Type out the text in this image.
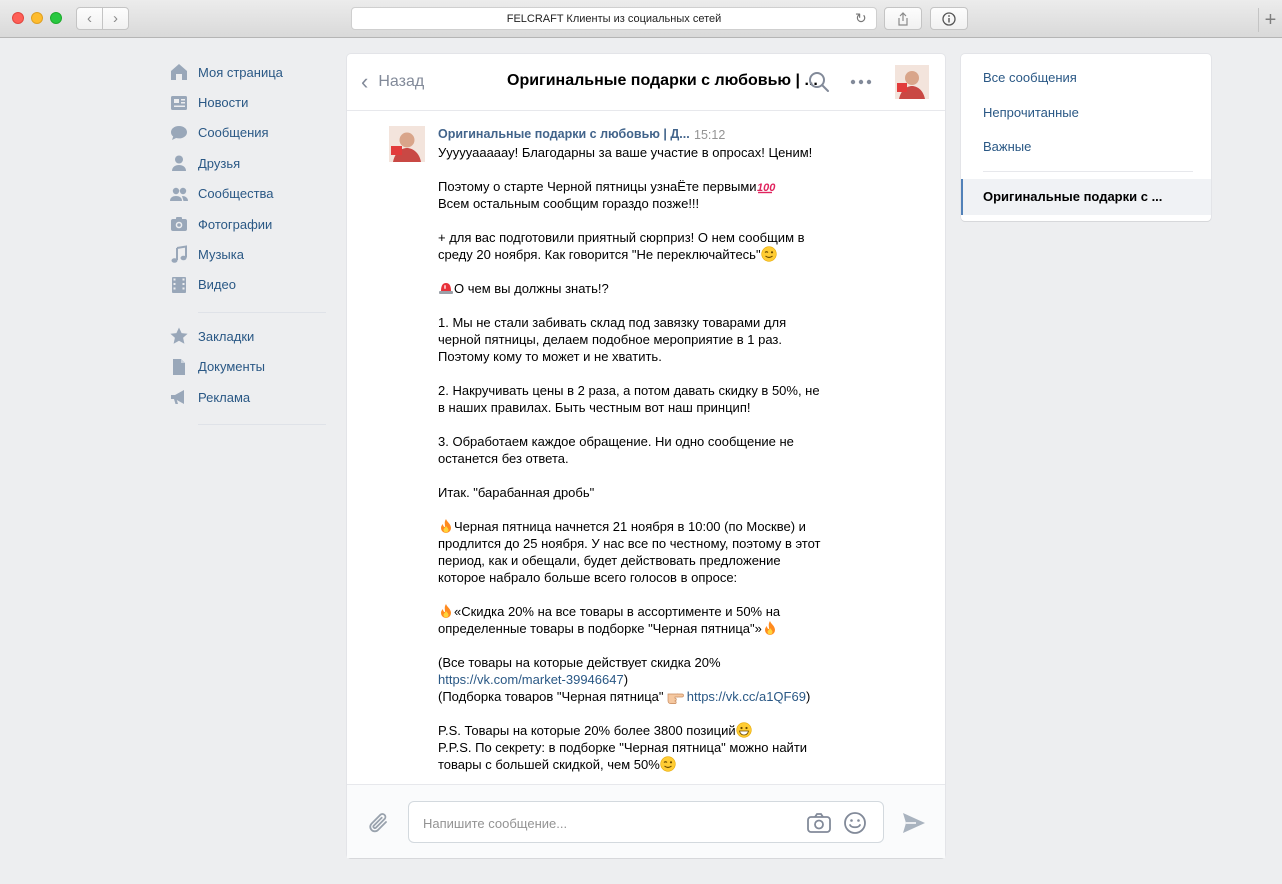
‹ ›	FELCRAFT Клиенты из социальных сетей	↻	+
Моя страница
Новости
Сообщения
Друзья
Сообщества
Фотографии
Музыка
Видео
Закладки
Документы
Реклама
‹ Назад	Оригинальные подарки с любовью | ...
Оригинальные подарки с любовью | Д... 15:12
Уууууааааау! Благодарны за ваше участие в опросах! Ценим!
Поэтому о старте Черной пятницы узнаЁте первыми 100
Всем остальным сообщим гораздо позже!!!
+ для вас подготовили приятный сюрприз! О нем сообщим в
среду 20 ноября. Как говорится "Не переключайтесь"
О чем вы должны знать!?
1. Мы не стали забивать склад под завязку товарами для
черной пятницы, делаем подобное мероприятие в 1 раз.
Поэтому кому то может и не хватить.
2. Накручивать цены в 2 раза, а потом давать скидку в 50%, не
в наших правилах. Быть честным вот наш принцип!
3. Обработаем каждое обращение. Ни одно сообщение не
останется без ответа.
Итак. "барабанная дробь"
Черная пятница начнется 21 ноября в 10:00 (по Москве) и
продлится до 25 ноября. У нас все по честному, поэтому в этот
период, как и обещали, будет действовать предложение
которое набрало больше всего голосов в опросе:
«Скидка 20% на все товары в ассортименте и 50% на
определенные товары в подборке "Черная пятница"»
(Все товары на которые действует скидка 20%
https://vk.com/market-39946647)
(Подборка товаров "Черная пятница"  https://vk.cc/a1QF69)
P.S. Товары на которые 20% более 3800 позиций
P.P.S. По секрету: в подборке "Черная пятница" можно найти
товары с большей скидкой, чем 50%
Напишите сообщение...
Все сообщения
Непрочитанные
Важные
Оригинальные подарки с ...
